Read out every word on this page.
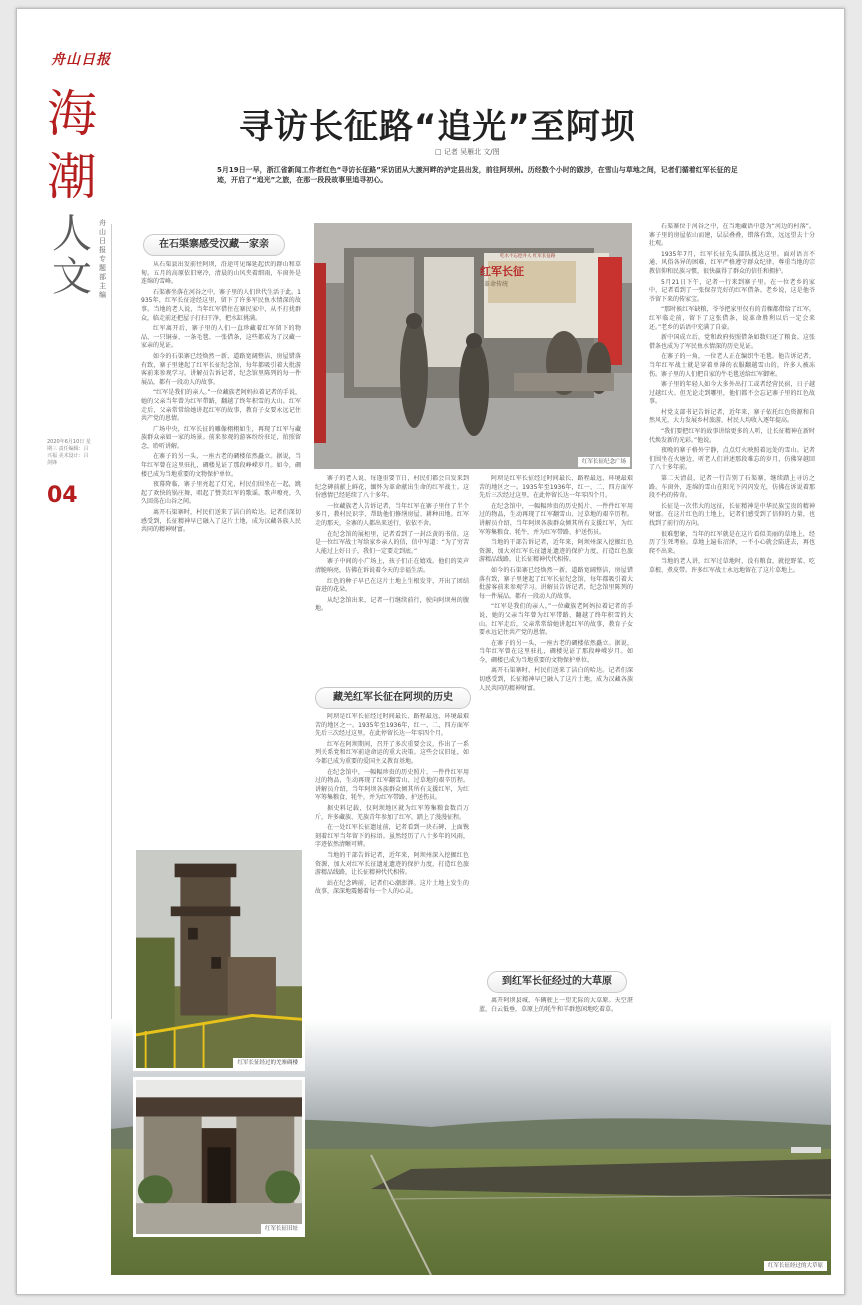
舟山日报
海
潮
人
文
舟山日报专题部主编
2020年6月10日 星期三 责任编辑：吕兴福 美术设计：吕剑锋
04
寻访长征路“追光”至阿坝
□ 记者 吴雁北 文/图
5月19日一早，浙江省新闻工作者红色“寻访长征路”采访团从大渡河畔的泸定县出发，前往阿坝州。历经数个小时的跋涉，在雪山与草地之间，记者们循着红军长征的足迹，开启了“追光”之旅，在那一段段故事里追寻初心。
在石渠寨感受汉藏一家亲

从石渠县出发前往阿坝，沿途可见绵延起伏的群山和草甸。五月的高原依旧寒冷，清晨的山风夹着细雨，车窗外是连绵的雪峰。

石渠寨坐落在河谷之中，寨子里的人们世代生活于此。1935年，红军长征途经这里，留下了许多军民鱼水情深的故事。当地的老人说，当年红军借住在寨民家中，从不打扰群众，临走前还把屋子打扫干净，把水缸挑满。

红军离开后，寨子里的人们一直珍藏着红军留下的物品，一只铜壶、一条毛毯、一张借条，这些都成为了汉藏一家亲的见证。

如今的石渠寨已经焕然一新，道路宽阔整洁，房屋错落有致，寨子里建起了红军长征纪念馆，每年都吸引着大批游客前来参观学习。讲解员告诉记者，纪念馆里陈列的每一件展品，都有一段动人的故事。

“红军是我们的亲人。”一位藏族老阿妈拉着记者的手说，她的父亲当年曾为红军带路，翻越了终年积雪的大山。红军走后，父亲常常给她讲起红军的故事，教育子女要永远记住共产党的恩情。

广场中央，红军长征的雕像栩栩如生，再现了红军与藏族群众亲如一家的场景。前来参观的游客纷纷驻足，拍照留念，聆听讲解。

在寨子的另一头，一座古老的碉楼依然矗立。据说，当年红军曾在这里驻扎，碉楼见证了那段峥嵘岁月。如今，碉楼已成为当地重要的文物保护单位。

夜幕降临，寨子里亮起了灯光，村民们围坐在一起，跳起了欢快的锅庄舞，唱起了赞美红军的歌谣。歌声嘹亮，久久回荡在山谷之间。

离开石渠寨时，村民们送来了洁白的哈达。记者们深切感受到，长征精神早已融入了这片土地，成为汉藏各族人民共同的精神财富。

红军长征
革命传统
吃水不忘挖井人 红军长征路
红军长征纪念广场

寨子的老人说，每逢重要节日，村民们都会自发来到纪念碑前献上鲜花，缅怀为革命献出生命的红军战士。这份感情已经延续了八十多年。

一位藏族老人告诉记者，当年红军在寨子里住了半个多月，教村民识字、帮助他们修缮房屋、耕种田地。红军走的那天，全寨的人都出来送行，依依不舍。

在纪念馆的展柜里，记者看到了一封泛黄的书信。这是一位红军战士写给家乡亲人的信，信中写道：“为了穷苦人能过上好日子，我们一定要走到底。”

寨子中间的小广场上，孩子们正在嬉戏。他们的笑声清脆响亮，仿佛在诉说着今天的幸福生活。

红色的种子早已在这片土地上生根发芽，开出了团结奋进的花朵。

从纪念馆出来，记者一行继续前行，驶向阿坝州的腹地。

藏羌红军长征在阿坝的历史

阿坝是红军长征经过时间最长、路程最远、环境最艰苦的地区之一。1935年至1936年，红一、二、四方面军先后三次经过这里，在此停留长达一年零四个月。

红军在阿坝期间，召开了多次重要会议，作出了一系列关系党和红军前途命运的重大决策。这些会议旧址，如今都已成为重要的爱国主义教育基地。

在纪念馆中，一幅幅珍贵的历史照片、一件件红军用过的物品，生动再现了红军翻雪山、过草地的艰辛历程。讲解员介绍，当年阿坝各族群众倾其所有支援红军，为红军筹集粮食、牦牛，并为红军带路、护送伤员。

据史料记载，仅阿坝地区就为红军筹集粮食数百万斤，许多藏族、羌族青年参加了红军，踏上了漫漫征程。

在一处红军长征遗址前，记者看到一块石碑，上面镌刻着红军当年留下的标语。虽然经历了八十多年的风雨，字迹依然清晰可辨。

当地的干部告诉记者，近年来，阿坝州深入挖掘红色资源，加大对红军长征遗址遗迹的保护力度，打造红色旅游精品线路，让长征精神代代相传。

站在纪念碑前，记者们心潮澎湃。这片土地上发生的故事，深深地震撼着每一个人的心灵。

阿坝是红军长征经过时间最长、路程最远、环境最艰苦的地区之一。1935年至1936年，红一、二、四方面军先后三次经过这里，在此停留长达一年零四个月。

在纪念馆中，一幅幅珍贵的历史照片、一件件红军用过的物品，生动再现了红军翻雪山、过草地的艰辛历程。讲解员介绍，当年阿坝各族群众倾其所有支援红军，为红军筹集粮食、牦牛，并为红军带路、护送伤员。

当地的干部告诉记者，近年来，阿坝州深入挖掘红色资源，加大对红军长征遗址遗迹的保护力度，打造红色旅游精品线路，让长征精神代代相传。

如今的石渠寨已经焕然一新，道路宽阔整洁，房屋错落有致，寨子里建起了红军长征纪念馆，每年都吸引着大批游客前来参观学习。讲解员告诉记者，纪念馆里陈列的每一件展品，都有一段动人的故事。

“红军是我们的亲人。”一位藏族老阿妈拉着记者的手说，她的父亲当年曾为红军带路，翻越了终年积雪的大山。红军走后，父亲常常给她讲起红军的故事，教育子女要永远记住共产党的恩情。

在寨子的另一头，一座古老的碉楼依然矗立。据说，当年红军曾在这里驻扎，碉楼见证了那段峥嵘岁月。如今，碉楼已成为当地重要的文物保护单位。

离开石渠寨时，村民们送来了洁白的哈达。记者们深切感受到，长征精神早已融入了这片土地，成为汉藏各族人民共同的精神财富。

到红军长征经过的大草原

离开阿坝县城，车辆驶上一望无际的大草原。天空湛蓝，白云低垂，草原上的牦牛和羊群悠闲地吃着草。

石渠寨位于河谷之中，在当地藏语中意为“河边的村落”。寨子里的房屋依山而建，层层叠叠，错落有致，远远望去十分壮观。

1935年7月，红军长征先头部队抵达这里。面对语言不通、风俗各异的困难，红军严格遵守群众纪律，尊重当地的宗教信仰和民族习惯，很快赢得了群众的信任和拥护。

5月21日下午，记者一行来到寨子里。在一位老乡的家中，记者看到了一张保存完好的红军借条。老乡说，这是他爷爷留下来的传家宝。

“那时候红军缺粮，爷爷把家里仅有的青稞都借给了红军。红军临走前，留下了这张借条，说革命胜利以后一定会来还。”老乡的话语中充满了自豪。

新中国成立后，党和政府按照借条如数归还了粮食。这张借条也成为了军民鱼水情深的历史见证。

在寨子的一角，一位老人正在编织牛毛毯。他告诉记者，当年红军战士就是穿着单薄的衣服翻越雪山的，许多人被冻伤。寨子里的人们把自家的牛毛毯送给红军御寒。

寨子里的年轻人如今大多外出打工或者经营民宿，日子越过越红火。但无论走到哪里，他们都不会忘记寨子里的红色故事。

村党支部书记告诉记者，近年来，寨子依托红色资源和自然风光，大力发展乡村旅游，村民人均收入逐年提高。

“我们要把红军的故事讲给更多的人听，让长征精神在新时代焕发新的光彩。”他说。

夜晚的寨子格外宁静，点点灯火映照着远处的雪山。记者们围坐在火塘边，听老人们讲述那段难忘的岁月，仿佛穿越回了八十多年前。

第二天清晨，记者一行告别了石渠寨，继续踏上寻访之路。车窗外，连绵的雪山在阳光下闪闪发光，仿佛在诉说着那段不朽的传奇。

长征是一次伟大的远征，长征精神是中华民族宝贵的精神财富。在这片红色的土地上，记者们感受到了信仰的力量，也找到了前行的方向。

很难想象，当年的红军就是在这片看似美丽的草地上，经历了生死考验。草地上遍布沼泽，一不小心就会陷进去，再也爬不出来。

当地的老人讲，红军过草地时，没有粮食，就挖野菜、吃草根、煮皮带。许多红军战士永远地留在了这片草地上。

红军长征经过的大草原
红军长征经过的羌寨碉楼
红军长征旧址
